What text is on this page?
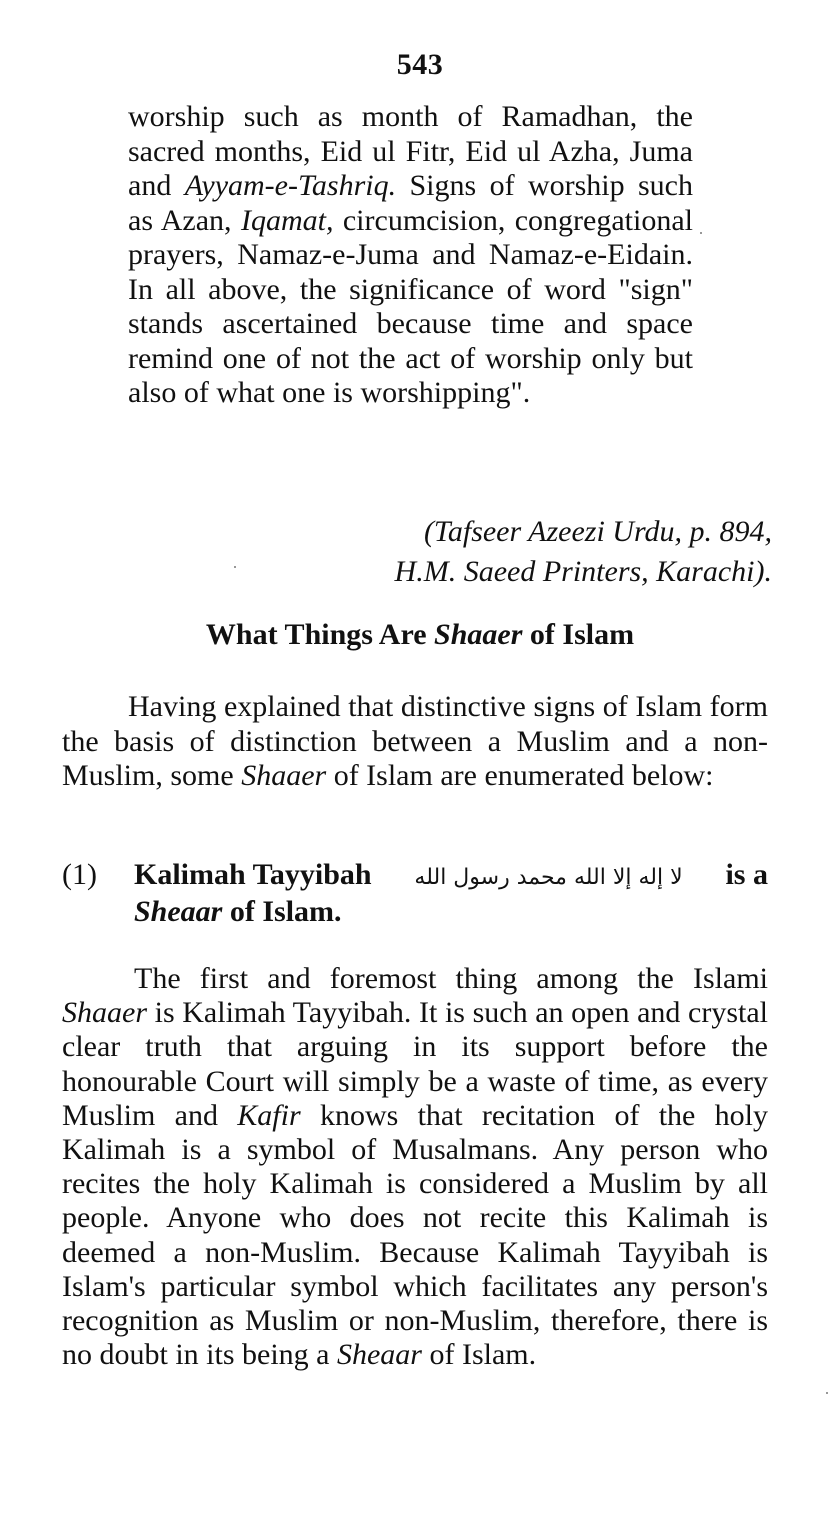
543

worship such as month of Ramadhan, the sacred months, Eid ul Fitr, Eid ul Azha, Juma and Ayyam-e-Tashriq. Signs of worship such as Azan, Iqamat, circumcision, congregational prayers, Namaz-e-Juma and Namaz-e-Eidain. In all above, the significance of word "sign" stands ascertained because time and space remind one of not the act of worship only but also of what one is worshipping".

(Tafseer Azeezi Urdu, p. 894,
H.M. Saeed Printers, Karachi).
What Things Are Shaaer of Islam

Having explained that distinctive signs of Islam form the basis of distinction between a Muslim and a non-Muslim, some Shaaer of Islam are enumerated below:

(1) Kalimah Tayyibah لا إله إلا الله محمد رسول الله is a
Sheaar of Islam.

The first and foremost thing among the Islami Shaaer is Kalimah Tayyibah. It is such an open and crystal clear truth that arguing in its support before the honourable Court will simply be a waste of time, as every Muslim and Kafir knows that recitation of the holy Kalimah is a symbol of Musalmans. Any person who recites the holy Kalimah is considered a Muslim by all people. Anyone who does not recite this Kalimah is deemed a non-Muslim. Because Kalimah Tayyibah is Islam's particular symbol which facilitates any person's recognition as Muslim or non-Muslim, therefore, there is no doubt in its being a Sheaar of Islam.
